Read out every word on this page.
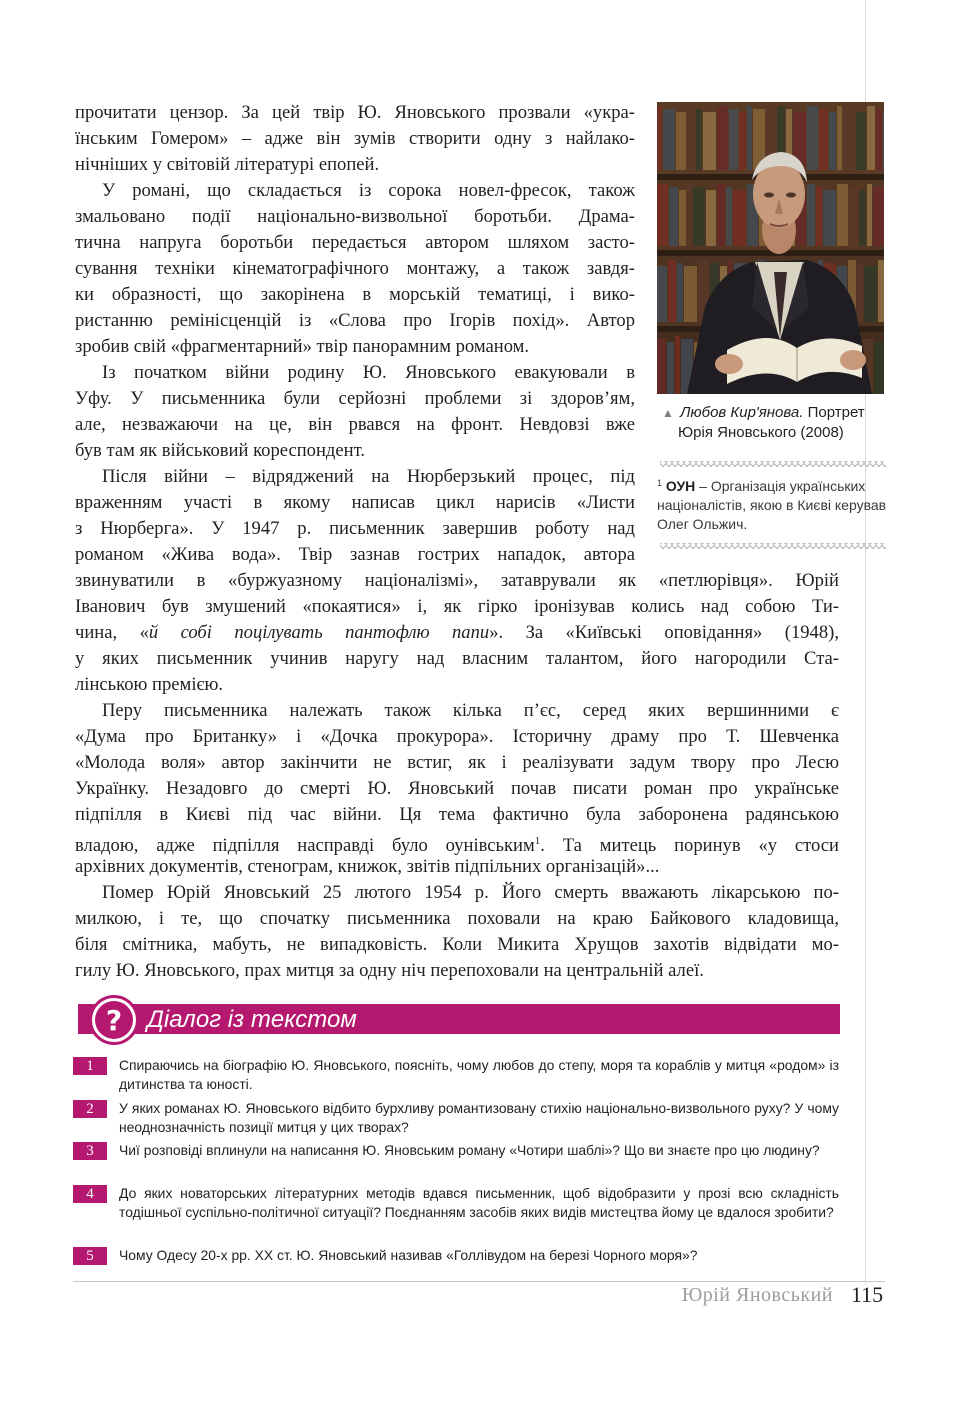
▲ Любов Кир'янова. Портрет
Юрія Яновського (2008)
$^1$ ОУН – Організація українських націоналістів, якою в Києві керував Олег Ольжич.
прочитати цензор. За цей твір Ю. Яновського прозвали «укра-
їнським Гомером» – адже він зумів створити одну з найлако-
нічніших у світовій літературі епопей.
У романі, що складається із сорока новел-фресок, також
змальовано події національно-визвольної боротьби. Драма-
тична напруга боротьби передається автором шляхом засто-
сування техніки кінематографічного монтажу, а також завдя-
ки образності, що закорінена в морській тематиці, і вико-
ристанню ремінісценцій із «Слова про Ігорів похід». Автор
зробив свій «фрагментарний» твір панорамним романом.
Із початком війни родину Ю. Яновського евакуювали в
Уфу. У письменника були серйозні проблеми зі здоров’ям,
але, незважаючи на це, він рвався на фронт. Невдовзі вже
був там як військовий кореспондент.
Після війни – відряджений на Нюрберзький процес, під
враженням участі в якому написав цикл нарисів «Листи
з Нюрберга». У 1947 р. письменник завершив роботу над
романом «Жива вода». Твір зазнав гострих нападок, автора
звинуватили в «буржуазному націоналізмі», затаврували як «петлюрівця». Юрій
Іванович був змушений «покаятися» і, як гірко іронізував колись над собою Ти-
чина, «й собі поцілувать пантофлю папи». За «Київські оповідання» (1948),
у яких письменник учинив наругу над власним талантом, його нагородили Ста-
лінською премією.
Перу письменника належать також кілька п’єс, серед яких вершинними є
«Дума про Британку» і «Дочка прокурора». Історичну драму про Т. Шевченка
«Молода воля» автор закінчити не встиг, як і реалізувати задум твору про Лесю
Українку. Незадовго до смерті Ю. Яновський почав писати роман про українське
підпілля в Києві під час війни. Ця тема фактично була заборонена радянською
владою, адже підпілля насправді було оунівським$^1$. Та митець поринув «у стоси
архівних документів, стенограм, книжок, звітів підпільних організацій»...
Помер Юрій Яновський 25 лютого 1954 р. Його смерть вважають лікарською по-
милкою, і те, що спочатку письменника поховали на краю Байкового кладовища,
біля смітника, мабуть, не випадковість. Коли Микита Хрущов захотів відвідати мо-
гилу Ю. Яновського, прах митця за одну ніч перепоховали на центральній алеї.
?	Діалог із текстом
1	Спираючись на біографію Ю. Яновського, поясніть, чому любов до степу, моря та кораблів у митця «родом» із дитинства та юності.
2	У яких романах Ю. Яновського відбито бурхливу романтизовану стихію національно-визвольного руху? У чому неоднозначність позиції митця у цих творах?
3	Чиї розповіді вплинули на написання Ю. Яновським роману «Чотири шаблі»? Що ви знаєте про цю людину?
4	До яких новаторських літературних методів вдався письменник, щоб відобразити у прозі всю складність тодішньої суспільно-політичної ситуації? Поєднанням засобів яких видів мистецтва йому це вдалося зробити?
5	Чому Одесу 20-х рр. ХХ ст. Ю. Яновський називав «Голлівудом на березі Чорного моря»?
Юрій Яновський 115
